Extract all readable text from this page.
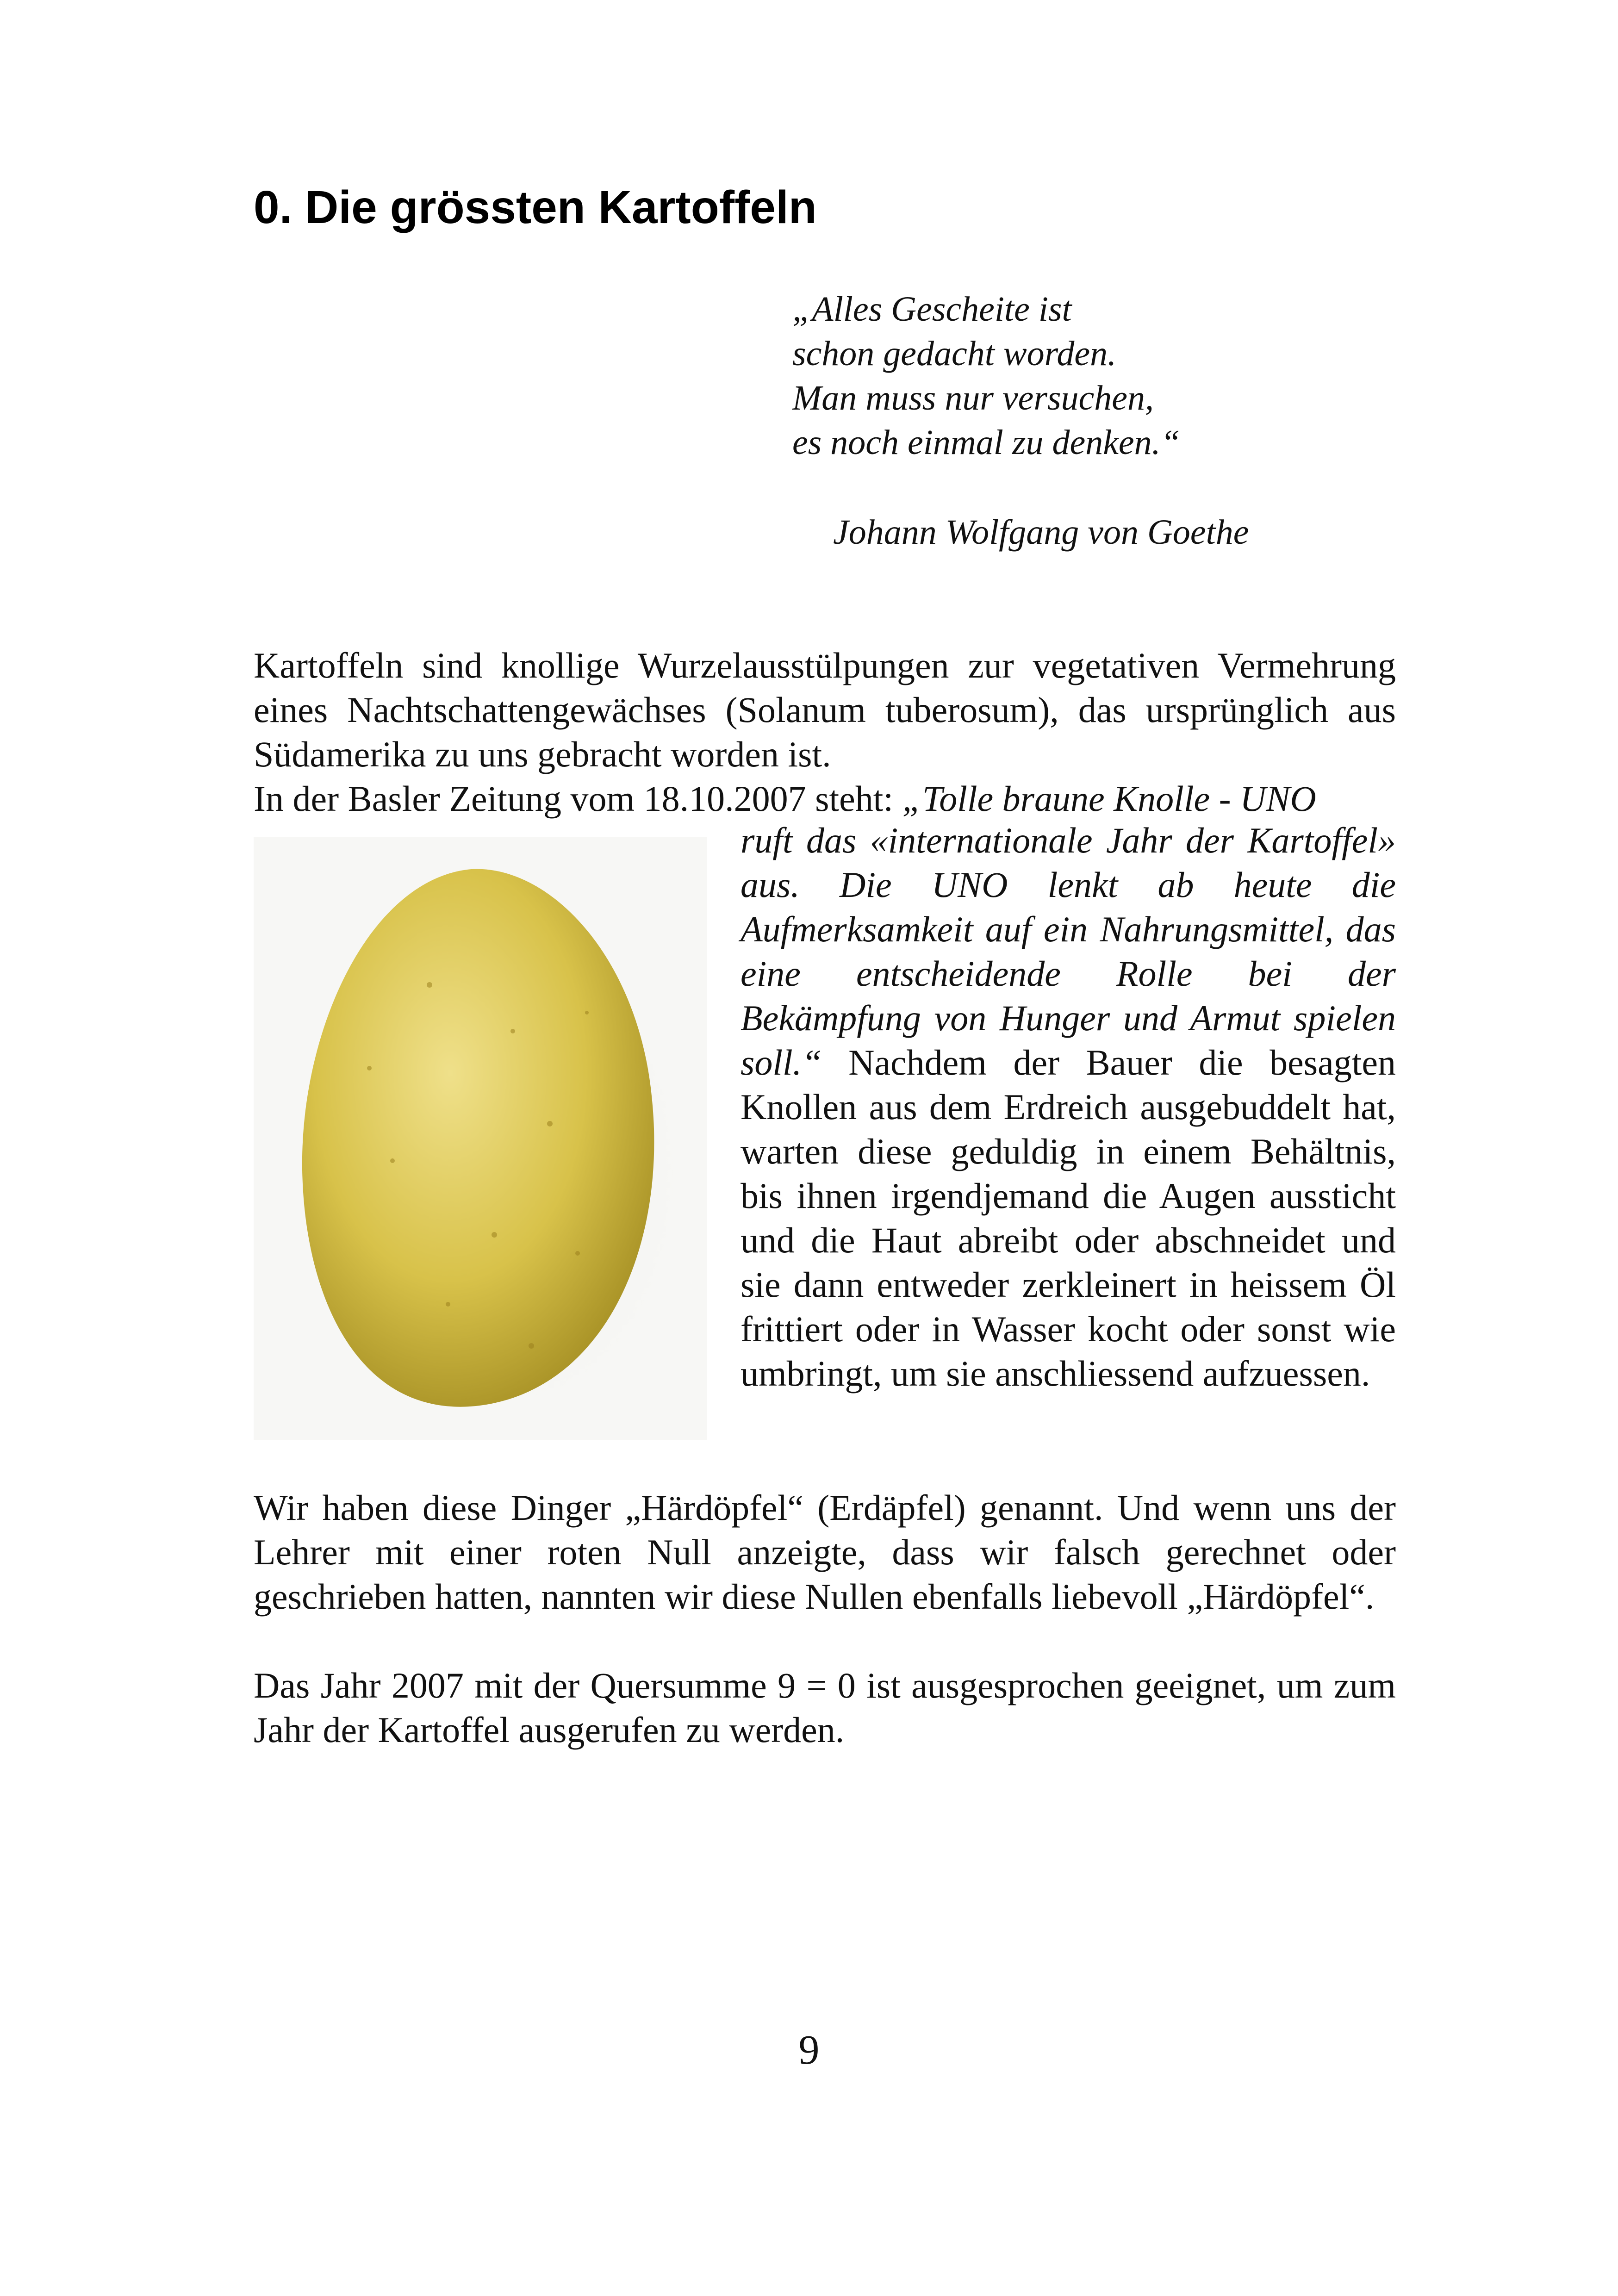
0. Die grössten Kartoffeln
„Alles Gescheite ist
schon gedacht worden.
Man muss nur versuchen,
es noch einmal zu denken.“
Johann Wolfgang von Goethe

Kartoffeln sind knollige Wurzelausstülpungen zur vegetativen Vermehrung eines Nachtschattengewächses (Solanum tuberosum), das ursprünglich aus Südamerika zu uns gebracht worden ist.

In der Basler Zeitung vom 18.10.2007 steht: „Tolle braune Knolle - UNO

ruft das «internationale Jahr der Kartoffel» aus. Die UNO lenkt ab heute die Aufmerksamkeit auf ein Nahrungsmittel, das eine entscheidende Rolle bei der Bekämpfung von Hunger und Armut spielen soll.“ Nachdem der Bauer die besagten Knollen aus dem Erdreich ausgebuddelt hat, warten diese geduldig in einem Behältnis, bis ihnen irgendjemand die Augen aussticht und die Haut abreibt oder abschneidet und sie dann entweder zerkleinert in heissem Öl frittiert oder in Wasser kocht oder sonst wie umbringt, um sie anschliessend aufzuessen.

Wir haben diese Dinger „Härdöpfel“ (Erdäpfel) genannt. Und wenn uns der Lehrer mit einer roten Null anzeigte, dass wir falsch gerechnet oder geschrieben hatten, nannten wir diese Nullen ebenfalls liebevoll „Härdöpfel“.

Das Jahr 2007 mit der Quersumme 9 = 0 ist ausgesprochen geeignet, um zum Jahr der Kartoffel ausgerufen zu werden.

9
